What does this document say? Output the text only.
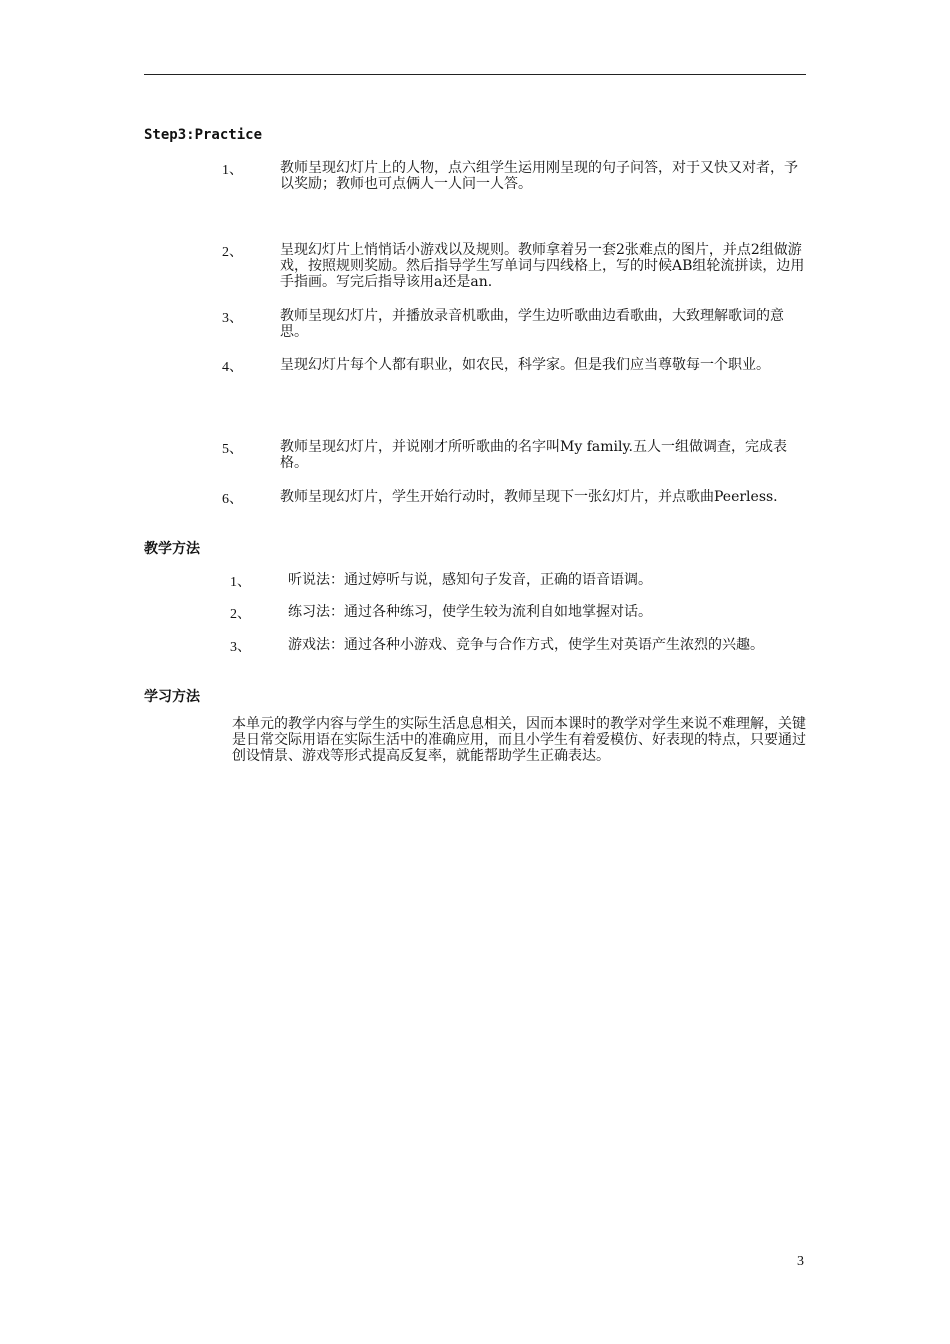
Step3:Practice
1、	教师呈现幻灯片上的人物，点六组学生运用刚呈现的句子问答，对于又快又对者，予以奖励；教师也可点俩人一人问一人答。
2、	呈现幻灯片上悄悄话小游戏以及规则。教师拿着另一套2张难点的图片，并点2组做游戏，按照规则奖励。然后指导学生写单词与四线格上，写的时候AB组轮流拼读，边用手指画。写完后指导该用a还是an.
3、	教师呈现幻灯片，并播放录音机歌曲，学生边听歌曲边看歌曲，大致理解歌词的意思。
4、	呈现幻灯片每个人都有职业，如农民，科学家。但是我们应当尊敬每一个职业。
5、	教师呈现幻灯片，并说刚才所听歌曲的名字叫My family.五人一组做调查，完成表格。
6、	教师呈现幻灯片，学生开始行动时，教师呈现下一张幻灯片，并点歌曲Peerless.
教学方法
1、	听说法：通过婷听与说，感知句子发音，正确的语音语调。
2、	练习法：通过各种练习，使学生较为流利自如地掌握对话。
3、	游戏法：通过各种小游戏、竞争与合作方式，使学生对英语产生浓烈的兴趣。
学习方法
本单元的教学内容与学生的实际生活息息相关，因而本课时的教学对学生来说不难理解，关键是日常交际用语在实际生活中的准确应用，而且小学生有着爱模仿、好表现的特点，只要通过创设情景、游戏等形式提高反复率，就能帮助学生正确表达。
3
